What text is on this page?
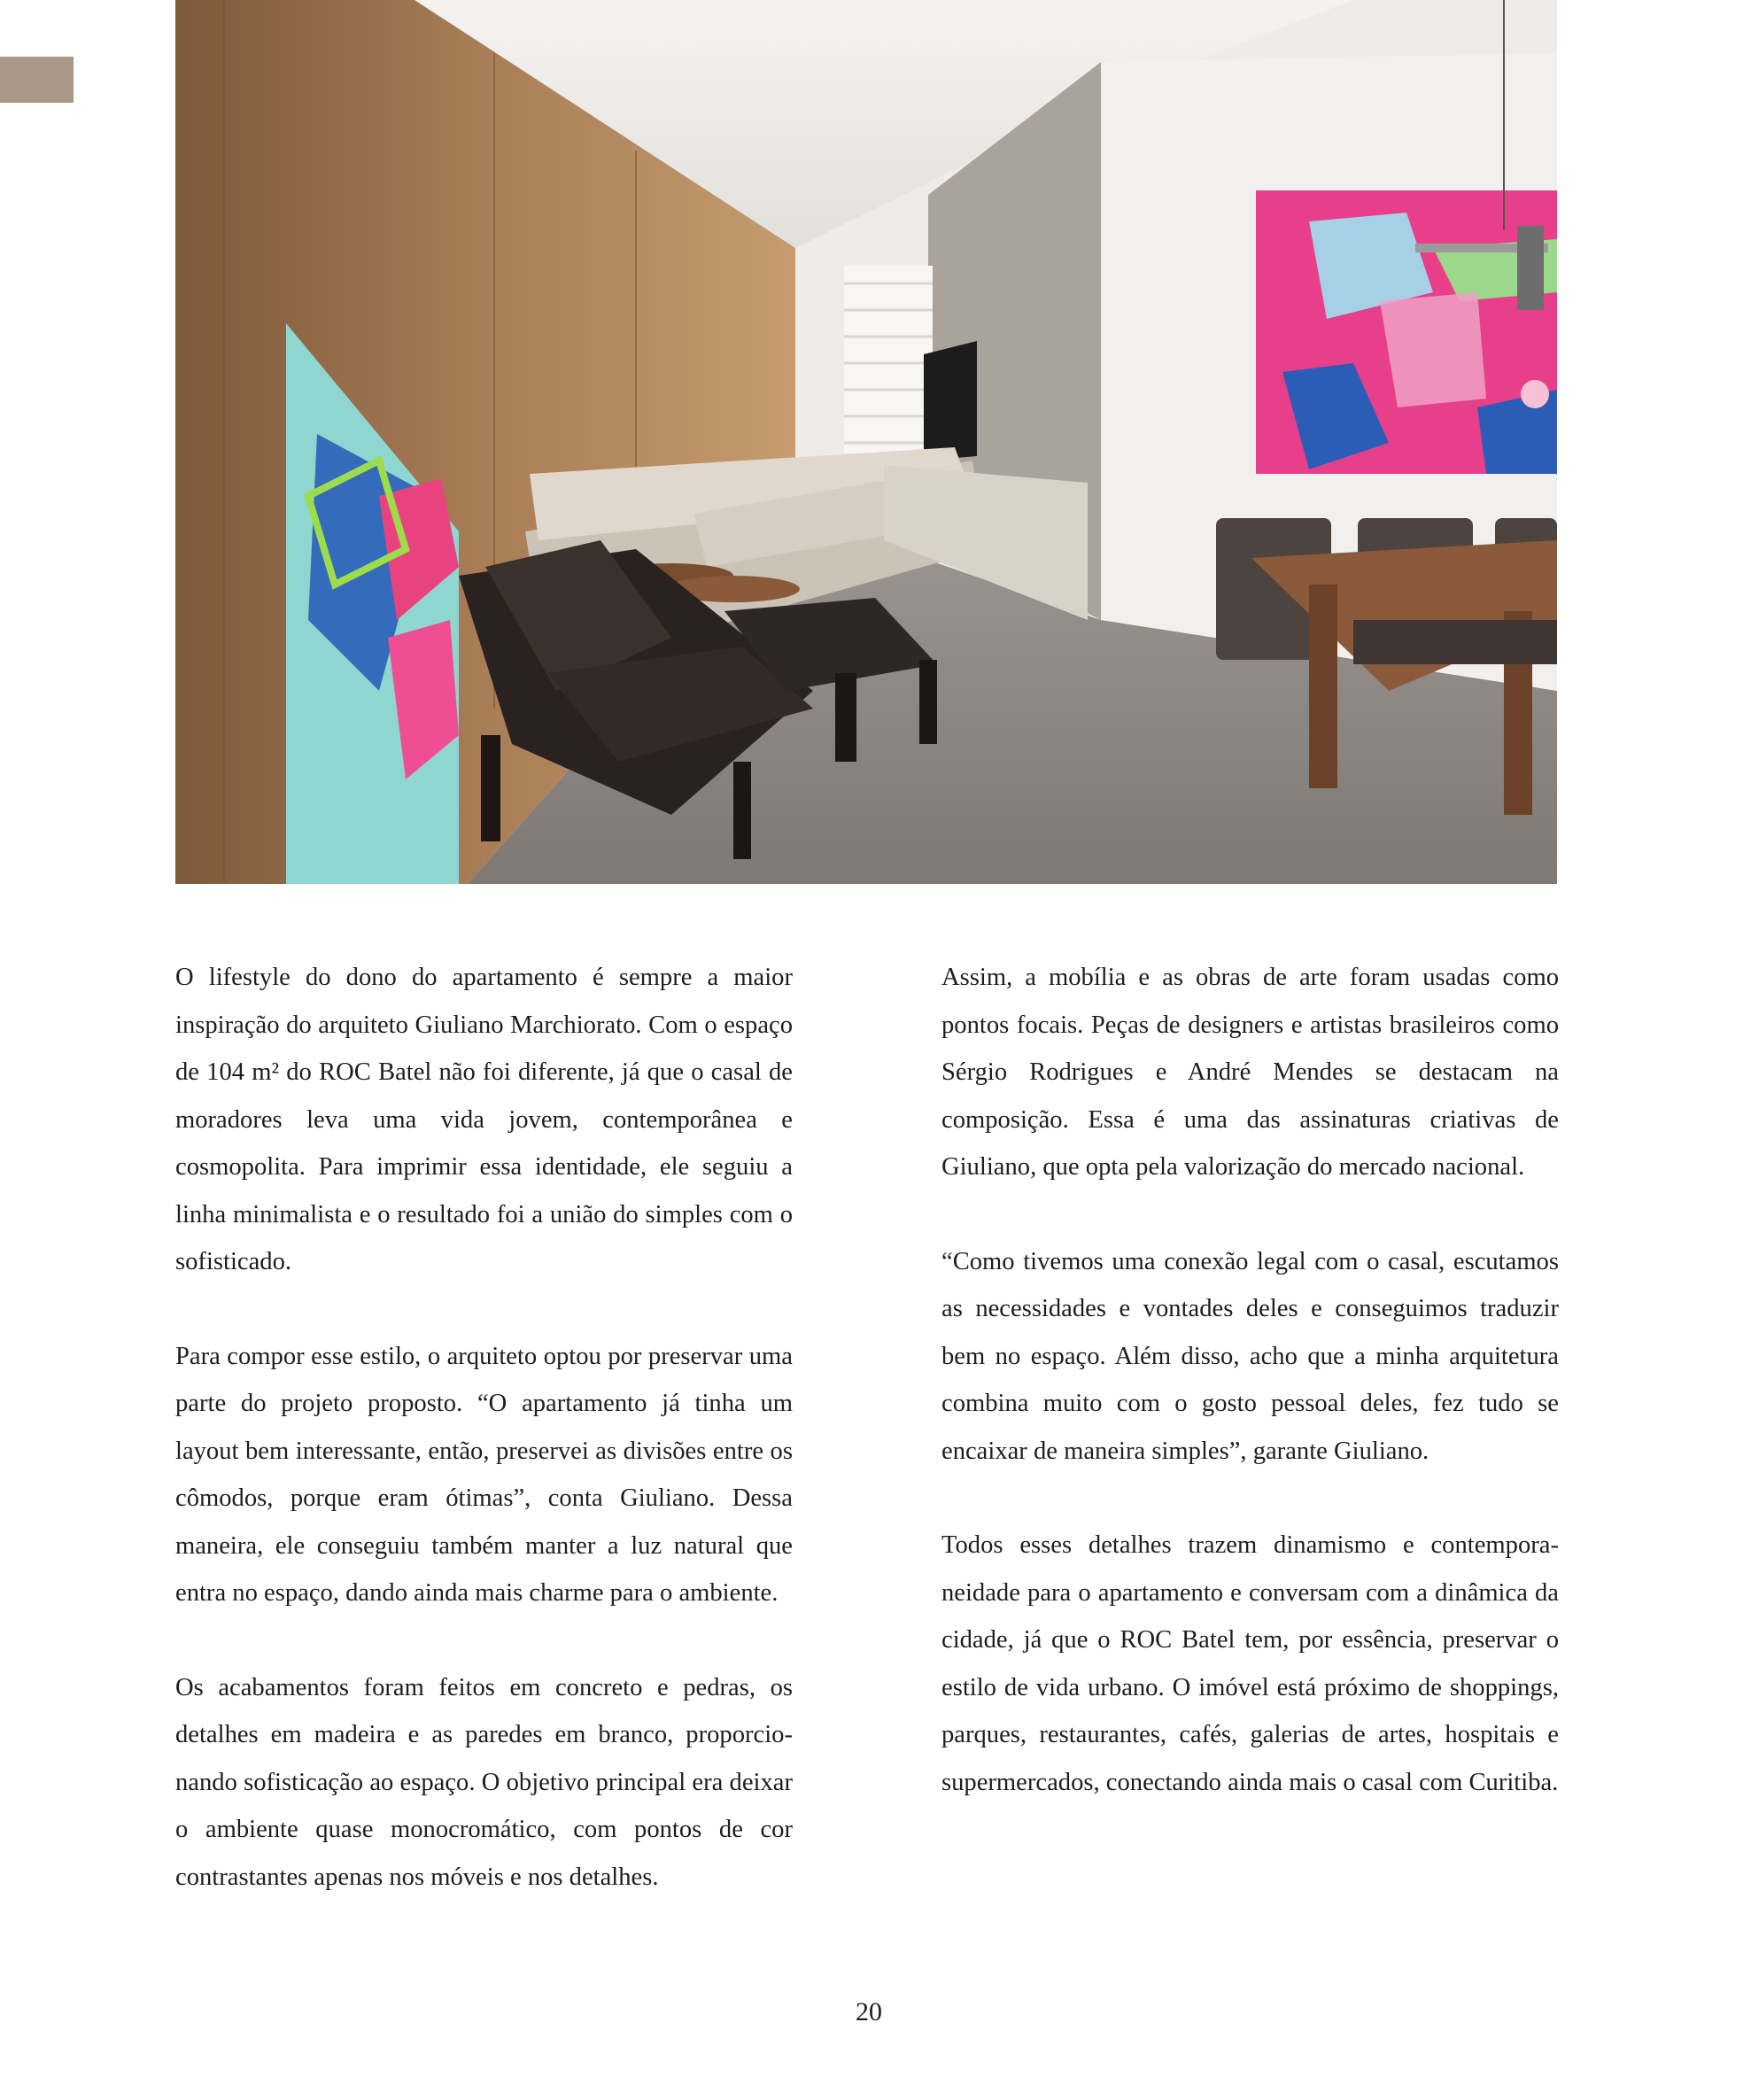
O lifestyle do dono do apartamento é sempre a maior inspiração do arquiteto Giuliano Marchiorato. Com o espaço de 104 m² do ROC Batel não foi diferente, já que o casal de moradores leva uma vida jovem, contemporânea e cosmopolita. Para imprimir essa identidade, ele seguiu a linha minimalista e o resultado foi a união do simples com o sofisticado.

Para compor esse estilo, o arquiteto optou por preservar uma parte do projeto proposto. “O apartamento já tinha um layout bem interessante, então, preservei as divisões entre os cômodos, porque eram ótimas”, conta Giuliano. Dessa maneira, ele conseguiu também manter a luz natural que entra no espaço, dando ainda mais charme para o ambiente.

Os acabamentos foram feitos em concreto e pedras, os detalhes em madeira e as paredes em branco, proporcionando sofisticação ao espaço. O objetivo principal era deixar o ambiente quase monocromático, com pontos de cor contrastantes apenas nos móveis e nos detalhes.

Assim, a mobília e as obras de arte foram usadas como pontos focais. Peças de designers e artistas brasileiros como Sérgio Rodrigues e André Mendes se destacam na composição. Essa é uma das assinaturas criativas de Giuliano, que opta pela valorização do mercado nacional.

“Como tivemos uma conexão legal com o casal, escutamos as necessidades e vontades deles e conseguimos traduzir bem no espaço. Além disso, acho que a minha arquitetura combina muito com o gosto pessoal deles, fez tudo se encaixar de maneira simples”, garante Giuliano.

Todos esses detalhes trazem dinamismo e contemporaneidade para o apartamento e conversam com a dinâmica da cidade, já que o ROC Batel tem, por essência, preservar o estilo de vida urbano. O imóvel está próximo de shoppings, parques, restaurantes, cafés, galerias de artes, hospitais e supermercados, conectando ainda mais o casal com Curitiba.

20
